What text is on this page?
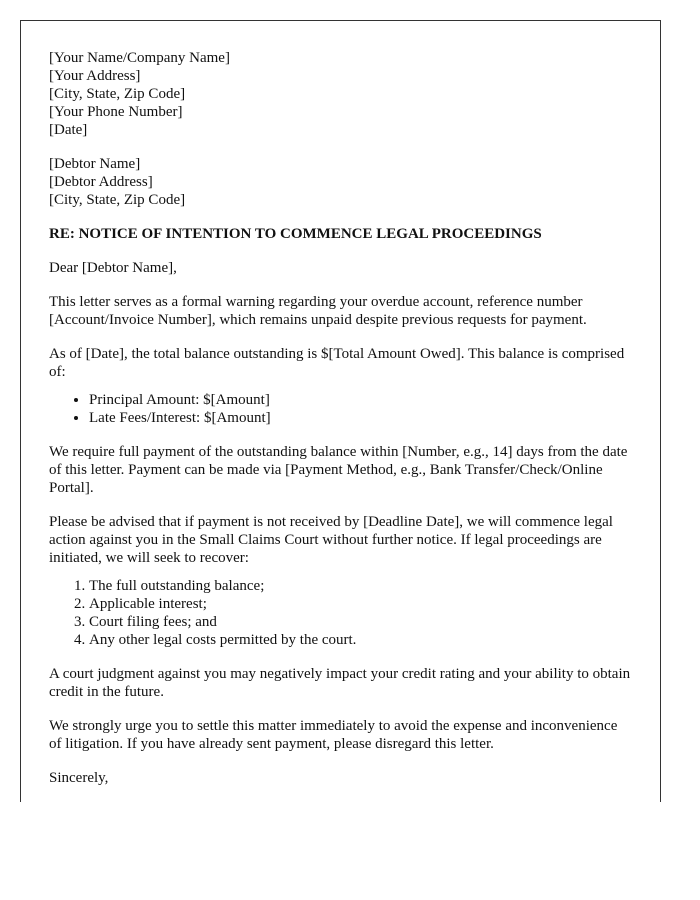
[Your Name/Company Name]
[Your Address]
[City, State, Zip Code]
[Your Phone Number]
[Date]
[Debtor Name]
[Debtor Address]
[City, State, Zip Code]
RE: NOTICE OF INTENTION TO COMMENCE LEGAL PROCEEDINGS

Dear [Debtor Name],

This letter serves as a formal warning regarding your overdue account, reference number [Account/Invoice Number], which remains unpaid despite previous requests for payment.

As of [Date], the total balance outstanding is $[Total Amount Owed]. This balance is comprised of:

• Principal Amount: $[Amount]
• Late Fees/Interest: $[Amount]

We require full payment of the outstanding balance within [Number, e.g., 14] days from the date of this letter. Payment can be made via [Payment Method, e.g., Bank Transfer/Check/Online Portal].

Please be advised that if payment is not received by [Deadline Date], we will commence legal action against you in the Small Claims Court without further notice. If legal proceedings are initiated, we will seek to recover:

1. The full outstanding balance;
2. Applicable interest;
3. Court filing fees; and
4. Any other legal costs permitted by the court.

A court judgment against you may negatively impact your credit rating and your ability to obtain credit in the future.

We strongly urge you to settle this matter immediately to avoid the expense and inconvenience of litigation. If you have already sent payment, please disregard this letter.

Sincerely,
